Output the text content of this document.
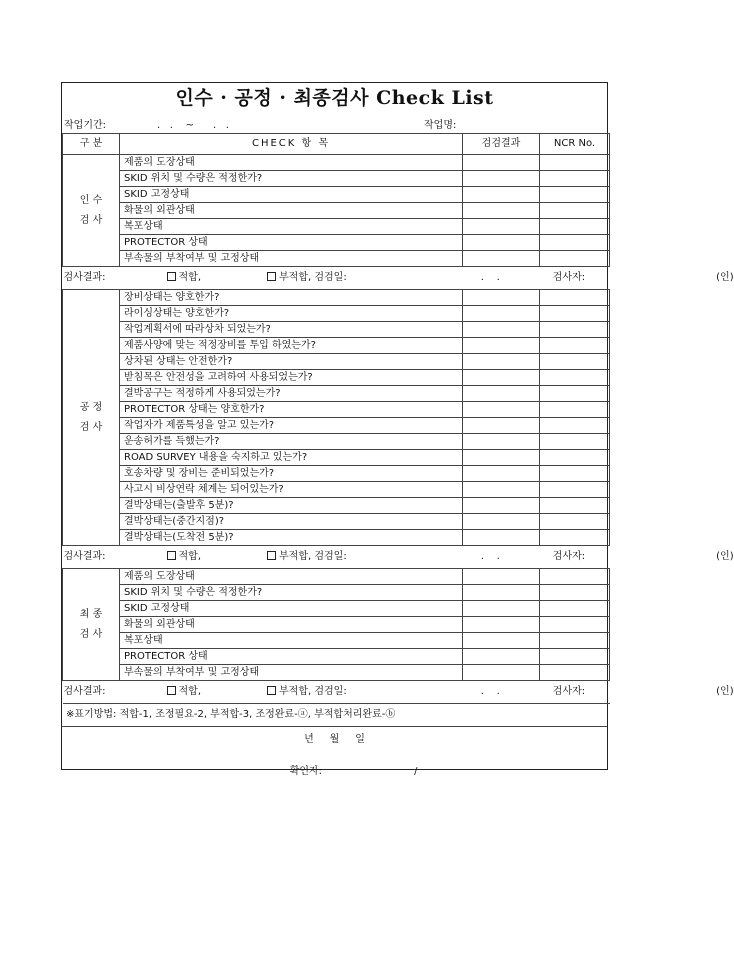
인수 · 공정 · 최종검사 Check List
작업기간:	.   .    ~      .   .	작업명:
구 분	CHECK 항 목	검검결과	NCR No.
인 수
검 사	제품의 도장상태		
	SKID 위치 및 수량은 적정한가?		
	SKID 고정상태		
	화물의 외관상태		
	복포상태		
	PROTECTOR 상태		
	부속물의 부착여부 및 고정상태		

검사결과: 적합, 부적합, 검검일: .    . 검사자: (인)			

공 정
검 사	장비상태는 양호한가?		
	라이싱상태는 양호한가?		
	작업계획서에 따라상차 되었는가?		
	제품사양에 맞는 적정장비를 투입 하였는가?		
	상차된 상태는 안전한가?		
	받침목은 안전성을 고려하여 사용되었는가?		
	결박공구는 적정하게 사용되었는가?		
	PROTECTOR 상태는 양호한가?		
	작업자가 제품특성을 알고 있는가?		
	운송허가를 득했는가?		
	ROAD SURVEY 내용을 숙지하고 있는가?		
	호송차량 및 장비는 준비되었는가?		
	사고시 비상연락 체계는 되어있는가?		
	결박상태는(출발후 5분)?		
	결박상태는(중간지점)?		
	결박상태는(도착전 5분)?		

검사결과: 적합, 부적합, 검검일: .    . 검사자: (인)			

최 종
검 사	제품의 도장상태		
	SKID 위치 및 수량은 적정한가?		
	SKID 고정상태		
	화물의 외관상태		
	복포상태		
	PROTECTOR 상태		
	부속물의 부착여부 및 고정상태		

검사결과: 적합, 부적합, 검검일: .    . 검사자: (인)			
※표기방법: 적합-1, 조정필요-2, 부적합-3, 조정완료-ⓐ, 부적합처리완료-ⓑ

년     월     일

확인자:	/
